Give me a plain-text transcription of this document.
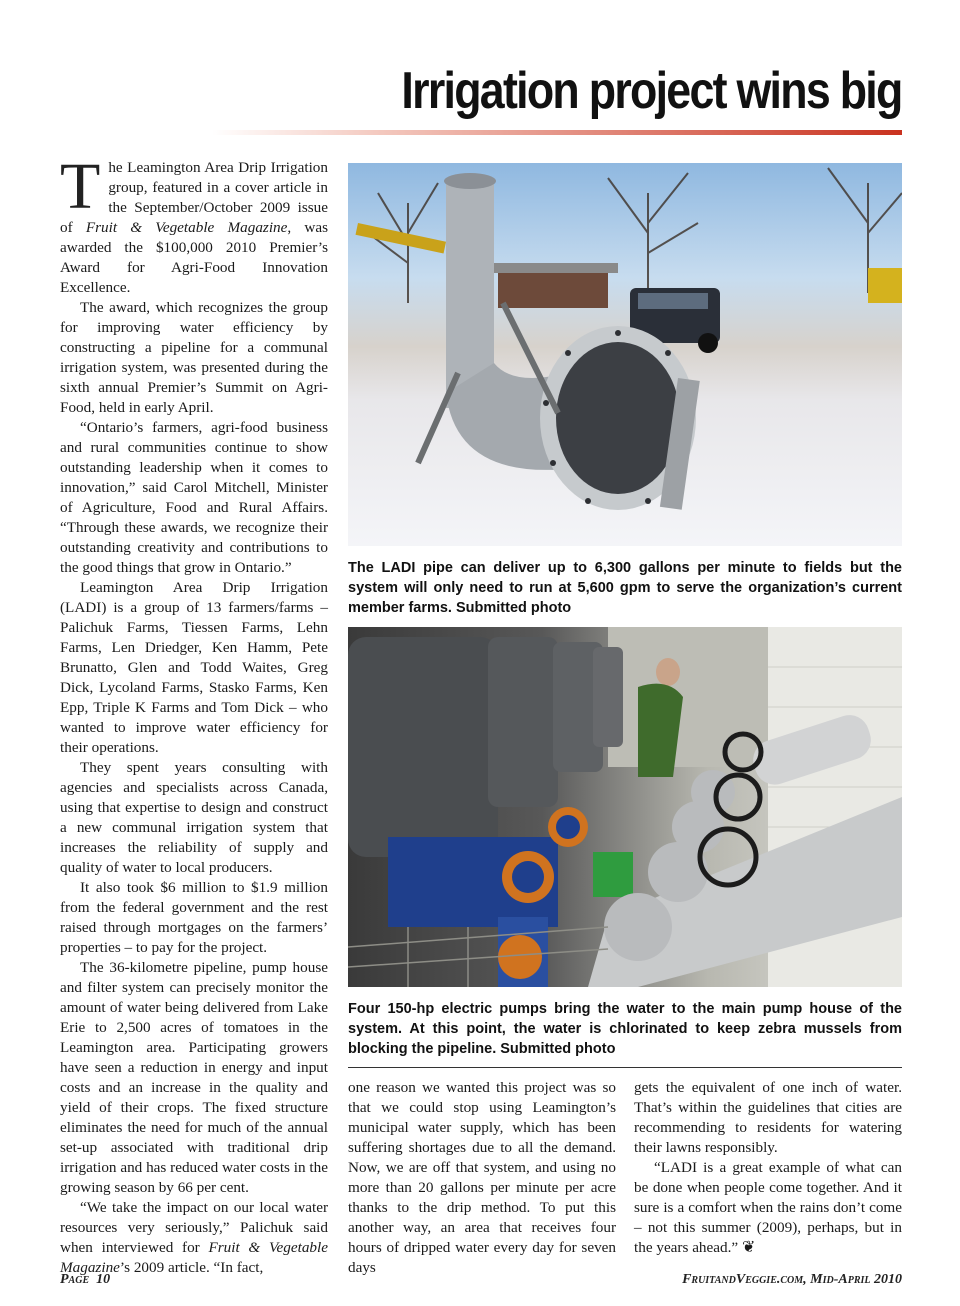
Irrigation project wins big

The Leamington Area Drip Irrigation group, featured in a cover article in the September/October 2009 issue of Fruit & Vegetable Magazine, was awarded the $100,000 2010 Premier’s Award for Agri-Food Innovation Excellence.

The award, which recognizes the group for improving water efficiency by constructing a pipeline for a communal irrigation system, was presented during the sixth annual Premier’s Summit on Agri-Food, held in early April.

“Ontario’s farmers, agri-food business and rural communities continue to show outstanding leadership when it comes to innovation,” said Carol Mitchell, Minister of Agriculture, Food and Rural Affairs. “Through these awards, we recognize their outstanding creativity and contributions to the good things that grow in Ontario.”

Leamington Area Drip Irrigation (LADI) is a group of 13 farmers/farms – Palichuk Farms, Tiessen Farms, Lehn Farms, Len Driedger, Ken Hamm, Pete Brunatto, Glen and Todd Waites, Greg Dick, Lycoland Farms, Stasko Farms, Ken Epp, Triple K Farms and Tom Dick – who wanted to improve water efficiency for their operations.

They spent years consulting with agencies and specialists across Canada, using that expertise to design and construct a new communal irrigation system that increases the reliability of supply and quality of water to local producers.

It also took $6 million to $1.9 million from the federal government and the rest raised through mortgages on the farmers’ properties – to pay for the project.

The 36-kilometre pipeline, pump house and filter system can precisely monitor the amount of water being delivered from Lake Erie to 2,500 acres of tomatoes in the Leamington area. Participating growers have seen a reduction in energy and input costs and an increase in the quality and yield of their crops. The fixed structure eliminates the need for much of the annual set-up associated with traditional drip irrigation and has reduced water costs in the growing season by 66 per cent.

“We take the impact on our local water resources very seriously,” Palichuk said when interviewed for Fruit & Vegetable Magazine’s 2009 article. “In fact,

The LADI pipe can deliver up to 6,300 gallons per minute to fields but the system will only need to run at 5,600 gpm to serve the organization’s current member farms. Submitted photo
Four 150-hp electric pumps bring the water to the main pump house of the system. At this point, the water is chlorinated to keep zebra mussels from blocking the pipeline. Submitted photo

one reason we wanted this project was so that we could stop using Leamington’s municipal water supply, which has been suffering shortages due to all the demand. Now, we are off that system, and using no more than 20 gallons per minute per acre thanks to the drip method. To put this another way, an area that receives four hours of dripped water every day for seven days

gets the equivalent of one inch of water. That’s within the guidelines that cities are recommending to residents for watering their lawns responsibly.

“LADI is a great example of what can be done when people come together. And it sure is a comfort when the rains don’t come – not this summer (2009), perhaps, but in the years ahead.” ❦

Page 10	FruitandVeggie.com, Mid-April 2010
